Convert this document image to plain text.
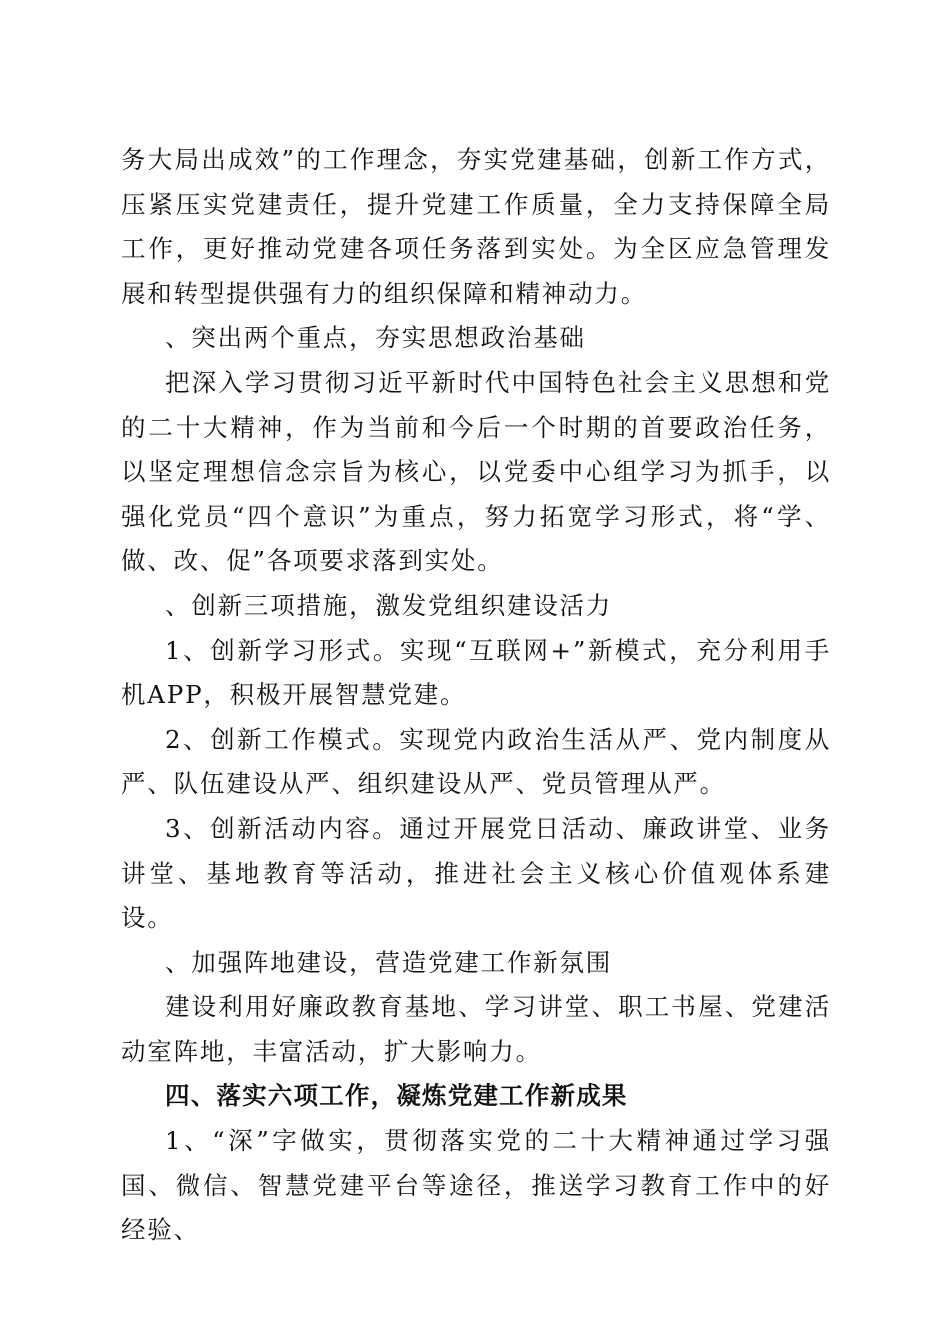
务大局出成效”的工作理念，夯实党建基础，创新工作方式，压紧压实党建责任，提升党建工作质量，全力支持保障全局工作，更好推动党建各项任务落到实处。为全区应急管理发展和转型提供强有力的组织保障和精神动力。

、突出两个重点，夯实思想政治基础

把深入学习贯彻习近平新时代中国特色社会主义思想和党的二十大精神，作为当前和今后一个时期的首要政治任务，以坚定理想信念宗旨为核心，以党委中心组学习为抓手，以强化党员“四个意识”为重点，努力拓宽学习形式，将“学、做、改、促”各项要求落到实处。

、创新三项措施，激发党组织建设活力

1、创新学习形式。实现“互联网+”新模式，充分利用手机APP，积极开展智慧党建。

2、创新工作模式。实现党内政治生活从严、党内制度从严、队伍建设从严、组织建设从严、党员管理从严。

3、创新活动内容。通过开展党日活动、廉政讲堂、业务讲堂、基地教育等活动，推进社会主义核心价值观体系建设。

、加强阵地建设，营造党建工作新氛围

建设利用好廉政教育基地、学习讲堂、职工书屋、党建活动室阵地，丰富活动，扩大影响力。

四、落实六项工作，凝炼党建工作新成果

1、“深”字做实，贯彻落实党的二十大精神通过学习强国、微信、智慧党建平台等途径，推送学习教育工作中的好经验、
